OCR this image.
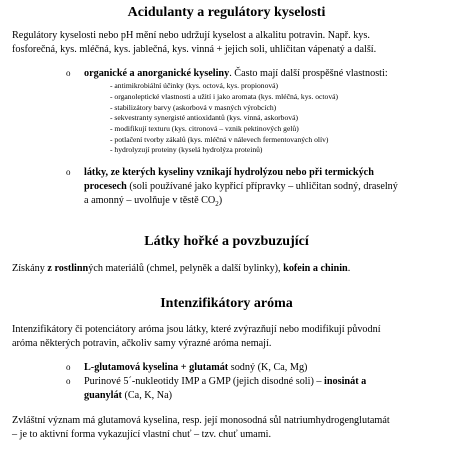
Acidulanty a regulátory kyselosti
Regulátory kyselosti nebo pH mění nebo udržují kyselost a alkalitu potravin. Např. kys.
fosforečná, kys. mléčná, kys. jablečná, kys. vinná + jejich soli, uhličitan vápenatý a další.
o organické a anorganické kyseliny. Často mají další prospěšné vlastnosti:
- antimikrobiální účinky (kys. octová, kys. propionová)
- organoleptické vlastnosti a užití i jako aromata (kys. mléčná, kys. octová)
- stabilizátory barvy (askorbová v masných výrobcích)
- sekvestranty synergisté antioxidantů (kys. vinná, askorbová)
- modifikují texturu (kys. citronová – vznik pektinových gelů)
- potlačení tvorby zákalů (kys. mléčná v nálevech fermentovaných olív)
- hydrolyzují proteiny (kyselá hydrolýza proteinů)
o látky, ze kterých kyseliny vznikají hydrolýzou nebo při termických
procesech (soli používané jako kypřicí přípravky – uhličitan sodný, draselný
a amonný – uvolňuje v těstě $CO_2$)
Látky hořké a povzbuzující
Získány z rostlinných materiálů (chmel, pelyněk a další bylinky), kofein a chinin.
Intenzifikátory aróma
Intenzifikátory či potenciátory aróma jsou látky, které zvýrazňují nebo modifikují původní
aróma některých potravin, ačkoliv samy výrazné aróma nemají.
o L-glutamová kyselina + glutamát sodný (K, Ca, Mg)
o Purinové 5´-nukleotidy IMP a GMP (jejich disodné soli) – inosinát a
guanylát (Ca, K, Na)
Zvláštní význam má glutamová kyselina, resp. její monosodná sůl natriumhydrogenglutamát
– je to aktivní forma vykazující vlastní chuť – tzv. chuť umami.
